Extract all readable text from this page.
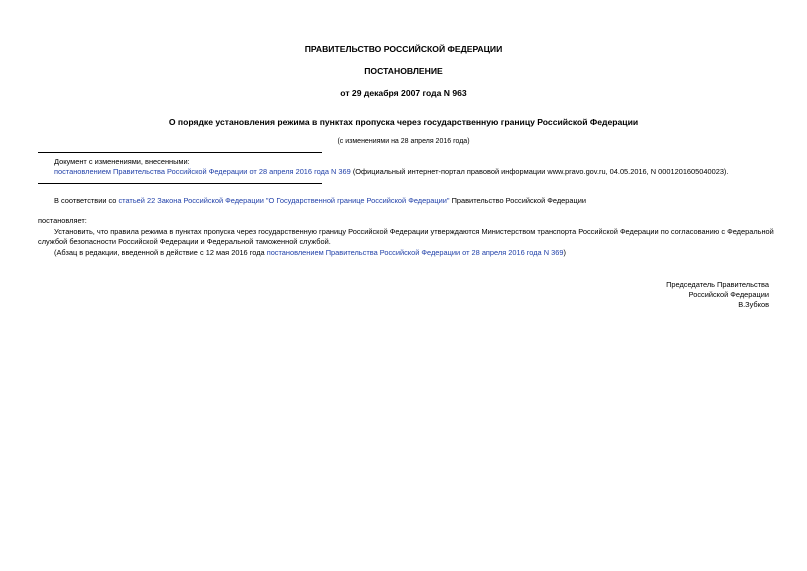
ПРАВИТЕЛЬСТВО РОССИЙСКОЙ ФЕДЕРАЦИИ
ПОСТАНОВЛЕНИЕ
от 29 декабря 2007 года N 963
О порядке установления режима в пунктах пропуска через государственную границу Российской Федерации
(с изменениями на 28 апреля 2016 года)
Документ с изменениями, внесенными:
постановлением Правительства Российской Федерации от 28 апреля 2016 года N 369 (Официальный интернет-портал правовой информации www.pravo.gov.ru, 04.05.2016, N 0001201605040023).
В соответствии со статьей 22 Закона Российской Федерации "О Государственной границе Российской Федерации" Правительство Российской Федерации
постановляет:
Установить, что правила режима в пунктах пропуска через государственную границу Российской Федерации утверждаются Министерством транспорта Российской Федерации по согласованию с Федеральной
службой безопасности Российской Федерации и Федеральной таможенной службой.
(Абзац в редакции, введенной в действие с 12 мая 2016 года постановлением Правительства Российской Федерации от 28 апреля 2016 года N 369)
Председатель Правительства
Российской Федерации
В.Зубков
